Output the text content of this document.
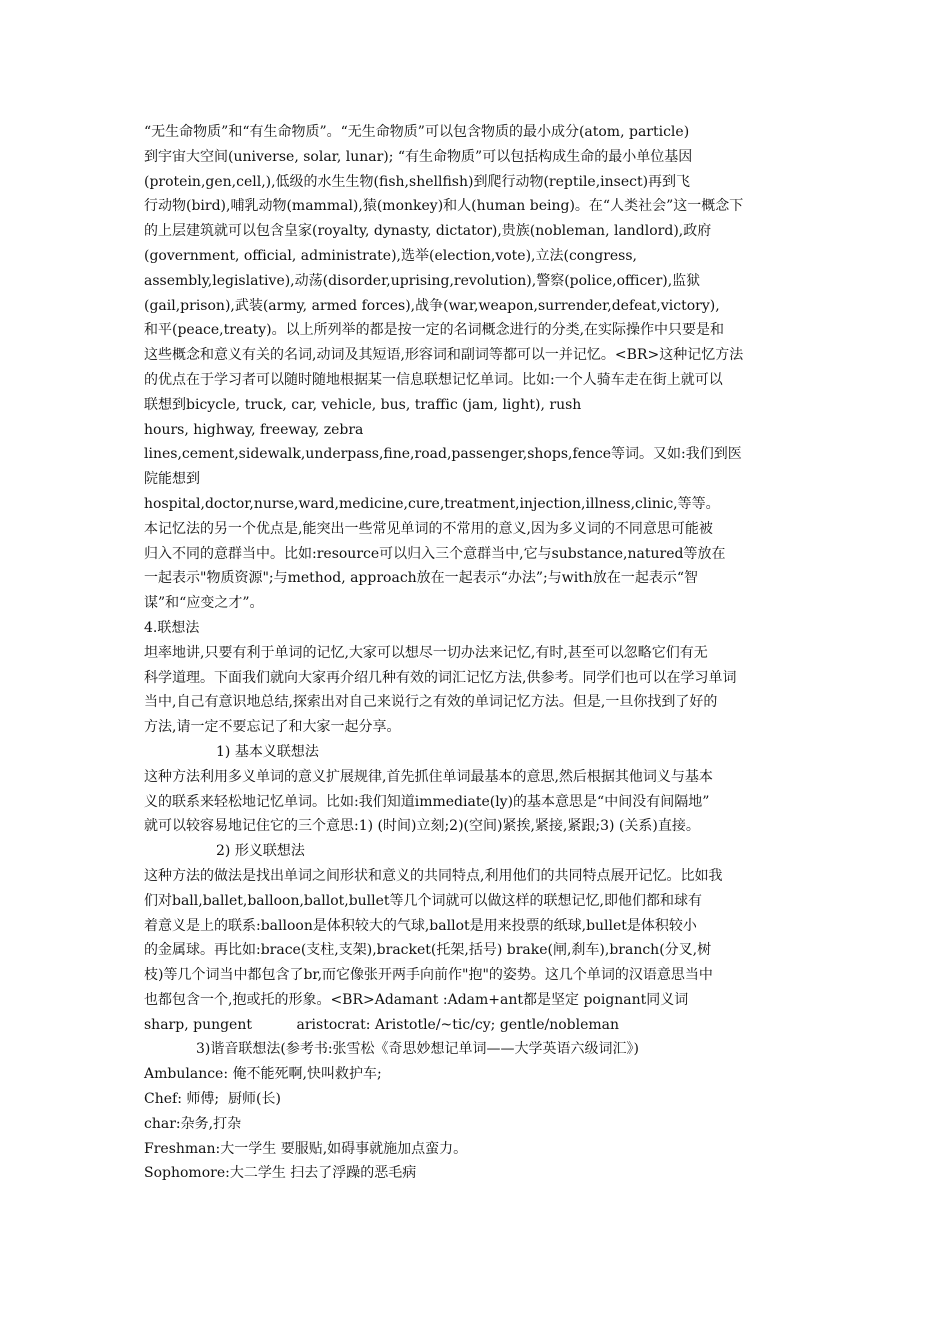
“无生命物质”和“有生命物质”。“无生命物质”可以包含物质的最小成分(atom, particle)
到宇宙大空间(universe, solar, lunar); “有生命物质”可以包括构成生命的最小单位基因
(protein,gen,cell,),低级的水生生物(fish,shellfish)到爬行动物(reptile,insect)再到飞
行动物(bird),哺乳动物(mammal),猿(monkey)和人(human being)。在“人类社会”这一概念下
的上层建筑就可以包含皇家(royalty, dynasty, dictator),贵族(nobleman, landlord),政府
(government, official, administrate),选举(election,vote),立法(congress,
assembly,legislative),动荡(disorder,uprising,revolution),警察(police,officer),监狱
(gail,prison),武装(army, armed forces),战争(war,weapon,surrender,defeat,victory),
和平(peace,treaty)。以上所列举的都是按一定的名词概念进行的分类,在实际操作中只要是和
这些概念和意义有关的名词,动词及其短语,形容词和副词等都可以一并记忆。<BR>这种记忆方法
的优点在于学习者可以随时随地根据某一信息联想记忆单词。比如:一个人骑车走在街上就可以
联想到bicycle, truck, car, vehicle, bus, traffic (jam, light), rush
hours, highway, freeway, zebra
lines,cement,sidewalk,underpass,fine,road,passenger,shops,fence等词。又如:我们到医
院能想到
hospital,doctor,nurse,ward,medicine,cure,treatment,injection,illness,clinic,等等。
本记忆法的另一个优点是,能突出一些常见单词的不常用的意义,因为多义词的不同意思可能被
归入不同的意群当中。比如:resource可以归入三个意群当中,它与substance,natured等放在
一起表示"物质资源";与method, approach放在一起表示“办法”;与with放在一起表示“智
谋”和“应变之才”。
4.联想法
坦率地讲,只要有利于单词的记忆,大家可以想尽一切办法来记忆,有时,甚至可以忽略它们有无
科学道理。下面我们就向大家再介绍几种有效的词汇记忆方法,供参考。同学们也可以在学习单词
当中,自己有意识地总结,探索出对自己来说行之有效的单词记忆方法。但是,一旦你找到了好的
方法,请一定不要忘记了和大家一起分享。
1) 基本义联想法
这种方法利用多义单词的意义扩展规律,首先抓住单词最基本的意思,然后根据其他词义与基本
义的联系来轻松地记忆单词。比如:我们知道immediate(ly)的基本意思是“中间没有间隔地”
就可以较容易地记住它的三个意思:1) (时间)立刻;2)(空间)紧挨,紧接,紧跟;3) (关系)直接。
2) 形义联想法
这种方法的做法是找出单词之间形状和意义的共同特点,利用他们的共同特点展开记忆。比如我
们对ball,ballet,balloon,ballot,bullet等几个词就可以做这样的联想记忆,即他们都和球有
着意义是上的联系:balloon是体积较大的气球,ballot是用来投票的纸球,bullet是体积较小
的金属球。再比如:brace(支柱,支架),bracket(托架,括号) brake(闸,刹车),branch(分叉,树
枝)等几个词当中都包含了br,而它像张开两手向前作"抱"的姿势。这几个单词的汉语意思当中
也都包含一个,抱或托的形象。<BR>Adamant :Adam+ant都是坚定 poignant同义词
sharp, pungent          aristocrat: Aristotle/~tic/cy; gentle/nobleman
3)谐音联想法(参考书:张雪松《奇思妙想记单词——大学英语六级词汇》)
Ambulance: 俺不能死啊,快叫救护车;
Chef: 师傅;  厨师(长)
char:杂务,打杂
Freshman:大一学生 要服贴,如碍事就施加点蛮力。
Sophomore:大二学生 扫去了浮躁的恶毛病
